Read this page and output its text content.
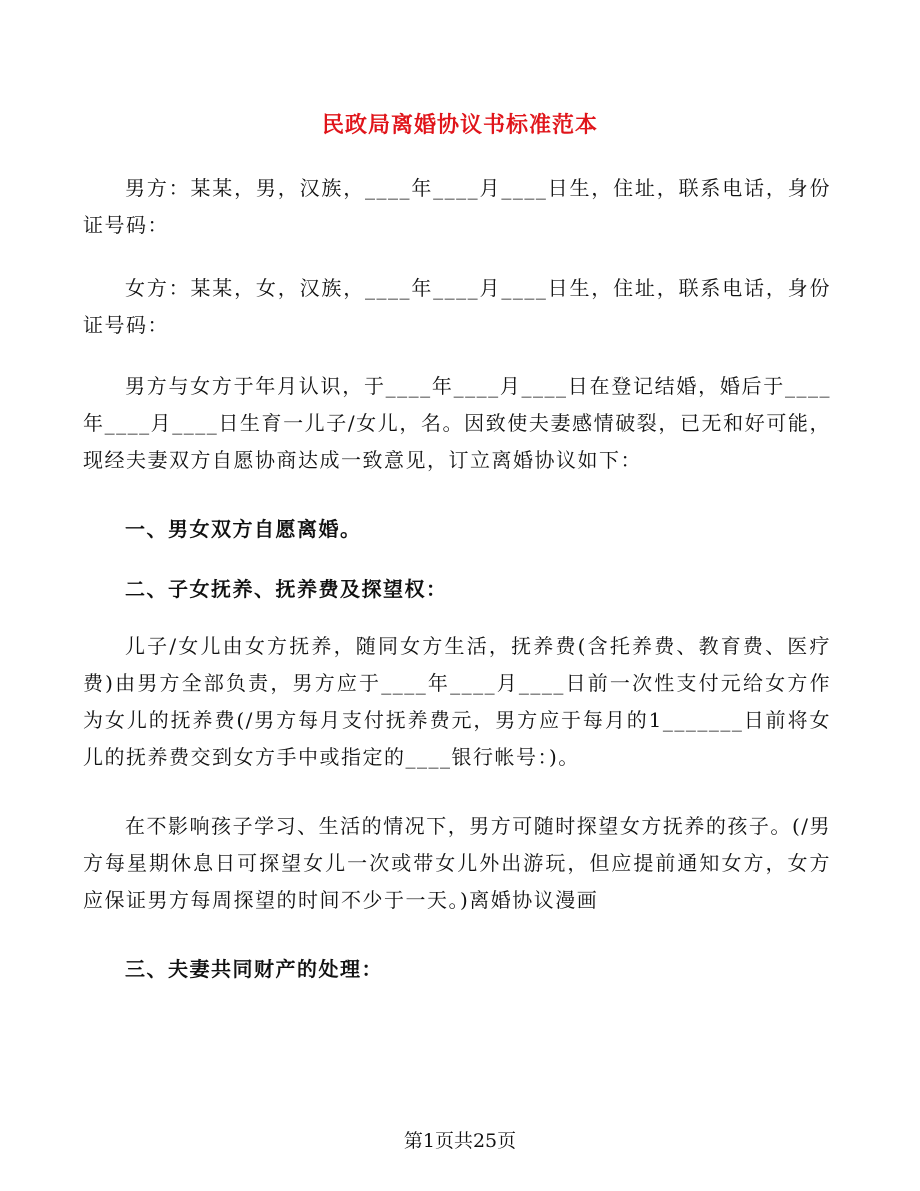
民政局离婚协议书标准范本
男方：某某，男，汉族，____年____月____日生，住址，联系电话，身份证号码：
女方：某某，女，汉族，____年____月____日生，住址，联系电话，身份证号码：
男方与女方于年月认识，于____年____月____日在登记结婚，婚后于____年____月____日生育一儿子/女儿，名。因致使夫妻感情破裂，已无和好可能，现经夫妻双方自愿协商达成一致意见，订立离婚协议如下：
一、男女双方自愿离婚。
二、子女抚养、抚养费及探望权：
儿子/女儿由女方抚养，随同女方生活，抚养费(含托养费、教育费、医疗费)由男方全部负责，男方应于____年____月____日前一次性支付元给女方作为女儿的抚养费(/男方每月支付抚养费元，男方应于每月的1_______日前将女儿的抚养费交到女方手中或指定的____银行帐号：)。
在不影响孩子学习、生活的情况下，男方可随时探望女方抚养的孩子。(/男方每星期休息日可探望女儿一次或带女儿外出游玩，但应提前通知女方，女方应保证男方每周探望的时间不少于一天。)离婚协议漫画
三、夫妻共同财产的处理：
第1页共25页
